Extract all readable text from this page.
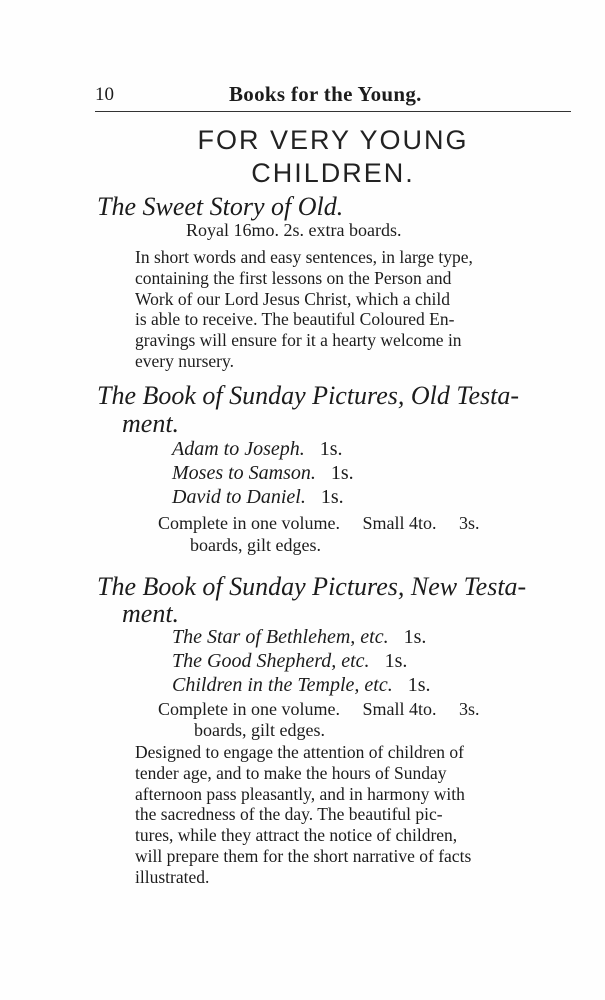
10	Books for the Young.
FOR VERY YOUNG
CHILDREN.
The Sweet Story of Old.
Royal 16mo. 2s. extra boards.
In short words and easy sentences, in large type,
containing the first lessons on the Person and
Work of our Lord Jesus Christ, which a child
is able to receive. The beautiful Coloured En-
gravings will ensure for it a hearty welcome in
every nursery.
The Book of Sunday Pictures, Old Testa-
ment.
Adam to Joseph. 1s.
Moses to Samson. 1s.
David to Daniel. 1s.
Complete in one volume.     Small 4to.     3s.
boards, gilt edges.
The Book of Sunday Pictures, New Testa-
ment.
The Star of Bethlehem, etc. 1s.
The Good Shepherd, etc. 1s.
Children in the Temple, etc. 1s.
Complete in one volume.     Small 4to.     3s.
boards, gilt edges.
Designed to engage the attention of children of
tender age, and to make the hours of Sunday
afternoon pass pleasantly, and in harmony with
the sacredness of the day. The beautiful pic-
tures, while they attract the notice of children,
will prepare them for the short narrative of facts
illustrated.
